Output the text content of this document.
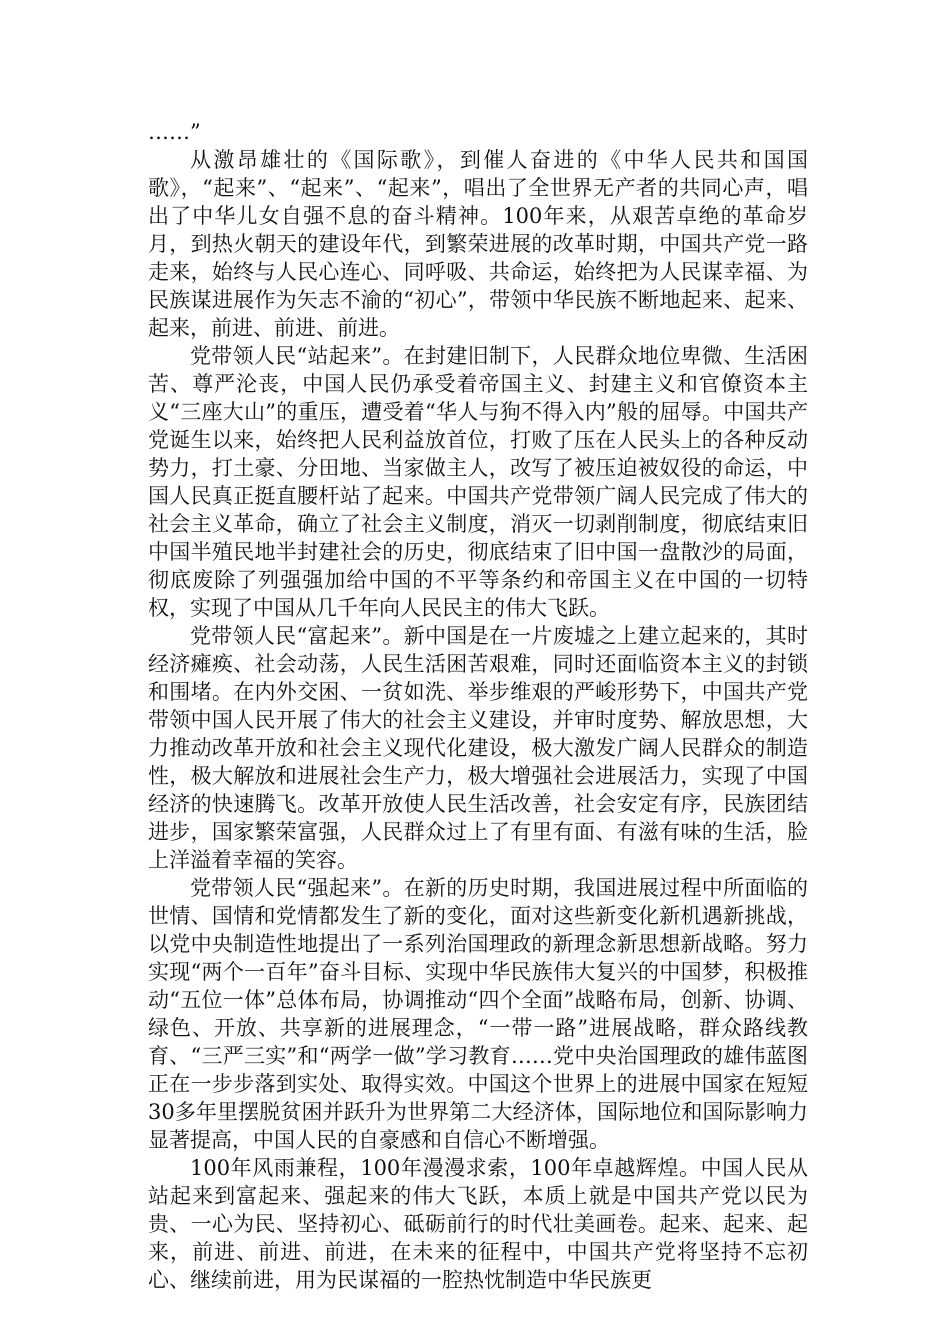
……”

从激昂雄壮的《国际歌》，到催人奋进的《中华人民共和国国歌》，“起来”、“起来”、“起来”，唱出了全世界无产者的共同心声，唱出了中华儿女自强不息的奋斗精神。100年来，从艰苦卓绝的革命岁月，到热火朝天的建设年代，到繁荣进展的改革时期，中国共产党一路走来，始终与人民心连心、同呼吸、共命运，始终把为人民谋幸福、为民族谋进展作为矢志不渝的“初心”，带领中华民族不断地起来、起来、起来，前进、前进、前进。

党带领人民“站起来”。在封建旧制下，人民群众地位卑微、生活困苦、尊严沦丧，中国人民仍承受着帝国主义、封建主义和官僚资本主义“三座大山”的重压，遭受着“华人与狗不得入内”般的屈辱。中国共产党诞生以来，始终把人民利益放首位，打败了压在人民头上的各种反动势力，打土豪、分田地、当家做主人，改写了被压迫被奴役的命运，中国人民真正挺直腰杆站了起来。中国共产党带领广阔人民完成了伟大的社会主义革命，确立了社会主义制度，消灭一切剥削制度，彻底结束旧中国半殖民地半封建社会的历史，彻底结束了旧中国一盘散沙的局面，彻底废除了列强强加给中国的不平等条约和帝国主义在中国的一切特权，实现了中国从几千年向人民民主的伟大飞跃。

党带领人民“富起来”。新中国是在一片废墟之上建立起来的，其时经济瘫痪、社会动荡，人民生活困苦艰难，同时还面临资本主义的封锁和围堵。在内外交困、一贫如洗、举步维艰的严峻形势下，中国共产党带领中国人民开展了伟大的社会主义建设，并审时度势、解放思想，大力推动改革开放和社会主义现代化建设，极大激发广阔人民群众的制造性，极大解放和进展社会生产力，极大增强社会进展活力，实现了中国经济的快速腾飞。改革开放使人民生活改善，社会安定有序，民族团结进步，国家繁荣富强，人民群众过上了有里有面、有滋有味的生活，脸上洋溢着幸福的笑容。

党带领人民“强起来”。在新的历史时期，我国进展过程中所面临的世情、国情和党情都发生了新的变化，面对这些新变化新机遇新挑战，以党中央制造性地提出了一系列治国理政的新理念新思想新战略。努力实现“两个一百年”奋斗目标、实现中华民族伟大复兴的中国梦，积极推动“五位一体”总体布局，协调推动“四个全面”战略布局，创新、协调、绿色、开放、共享新的进展理念，“一带一路”进展战略，群众路线教育、“三严三实”和“两学一做”学习教育……党中央治国理政的雄伟蓝图正在一步步落到实处、取得实效。中国这个世界上的进展中国家在短短30多年里摆脱贫困并跃升为世界第二大经济体，国际地位和国际影响力显著提高，中国人民的自豪感和自信心不断增强。

100年风雨兼程，100年漫漫求索，100年卓越辉煌。中国人民从站起来到富起来、强起来的伟大飞跃，本质上就是中国共产党以民为贵、一心为民、坚持初心、砥砺前行的时代壮美画卷。起来、起来、起来，前进、前进、前进，在未来的征程中，中国共产党将坚持不忘初心、继续前进，用为民谋福的一腔热忱制造中华民族更
